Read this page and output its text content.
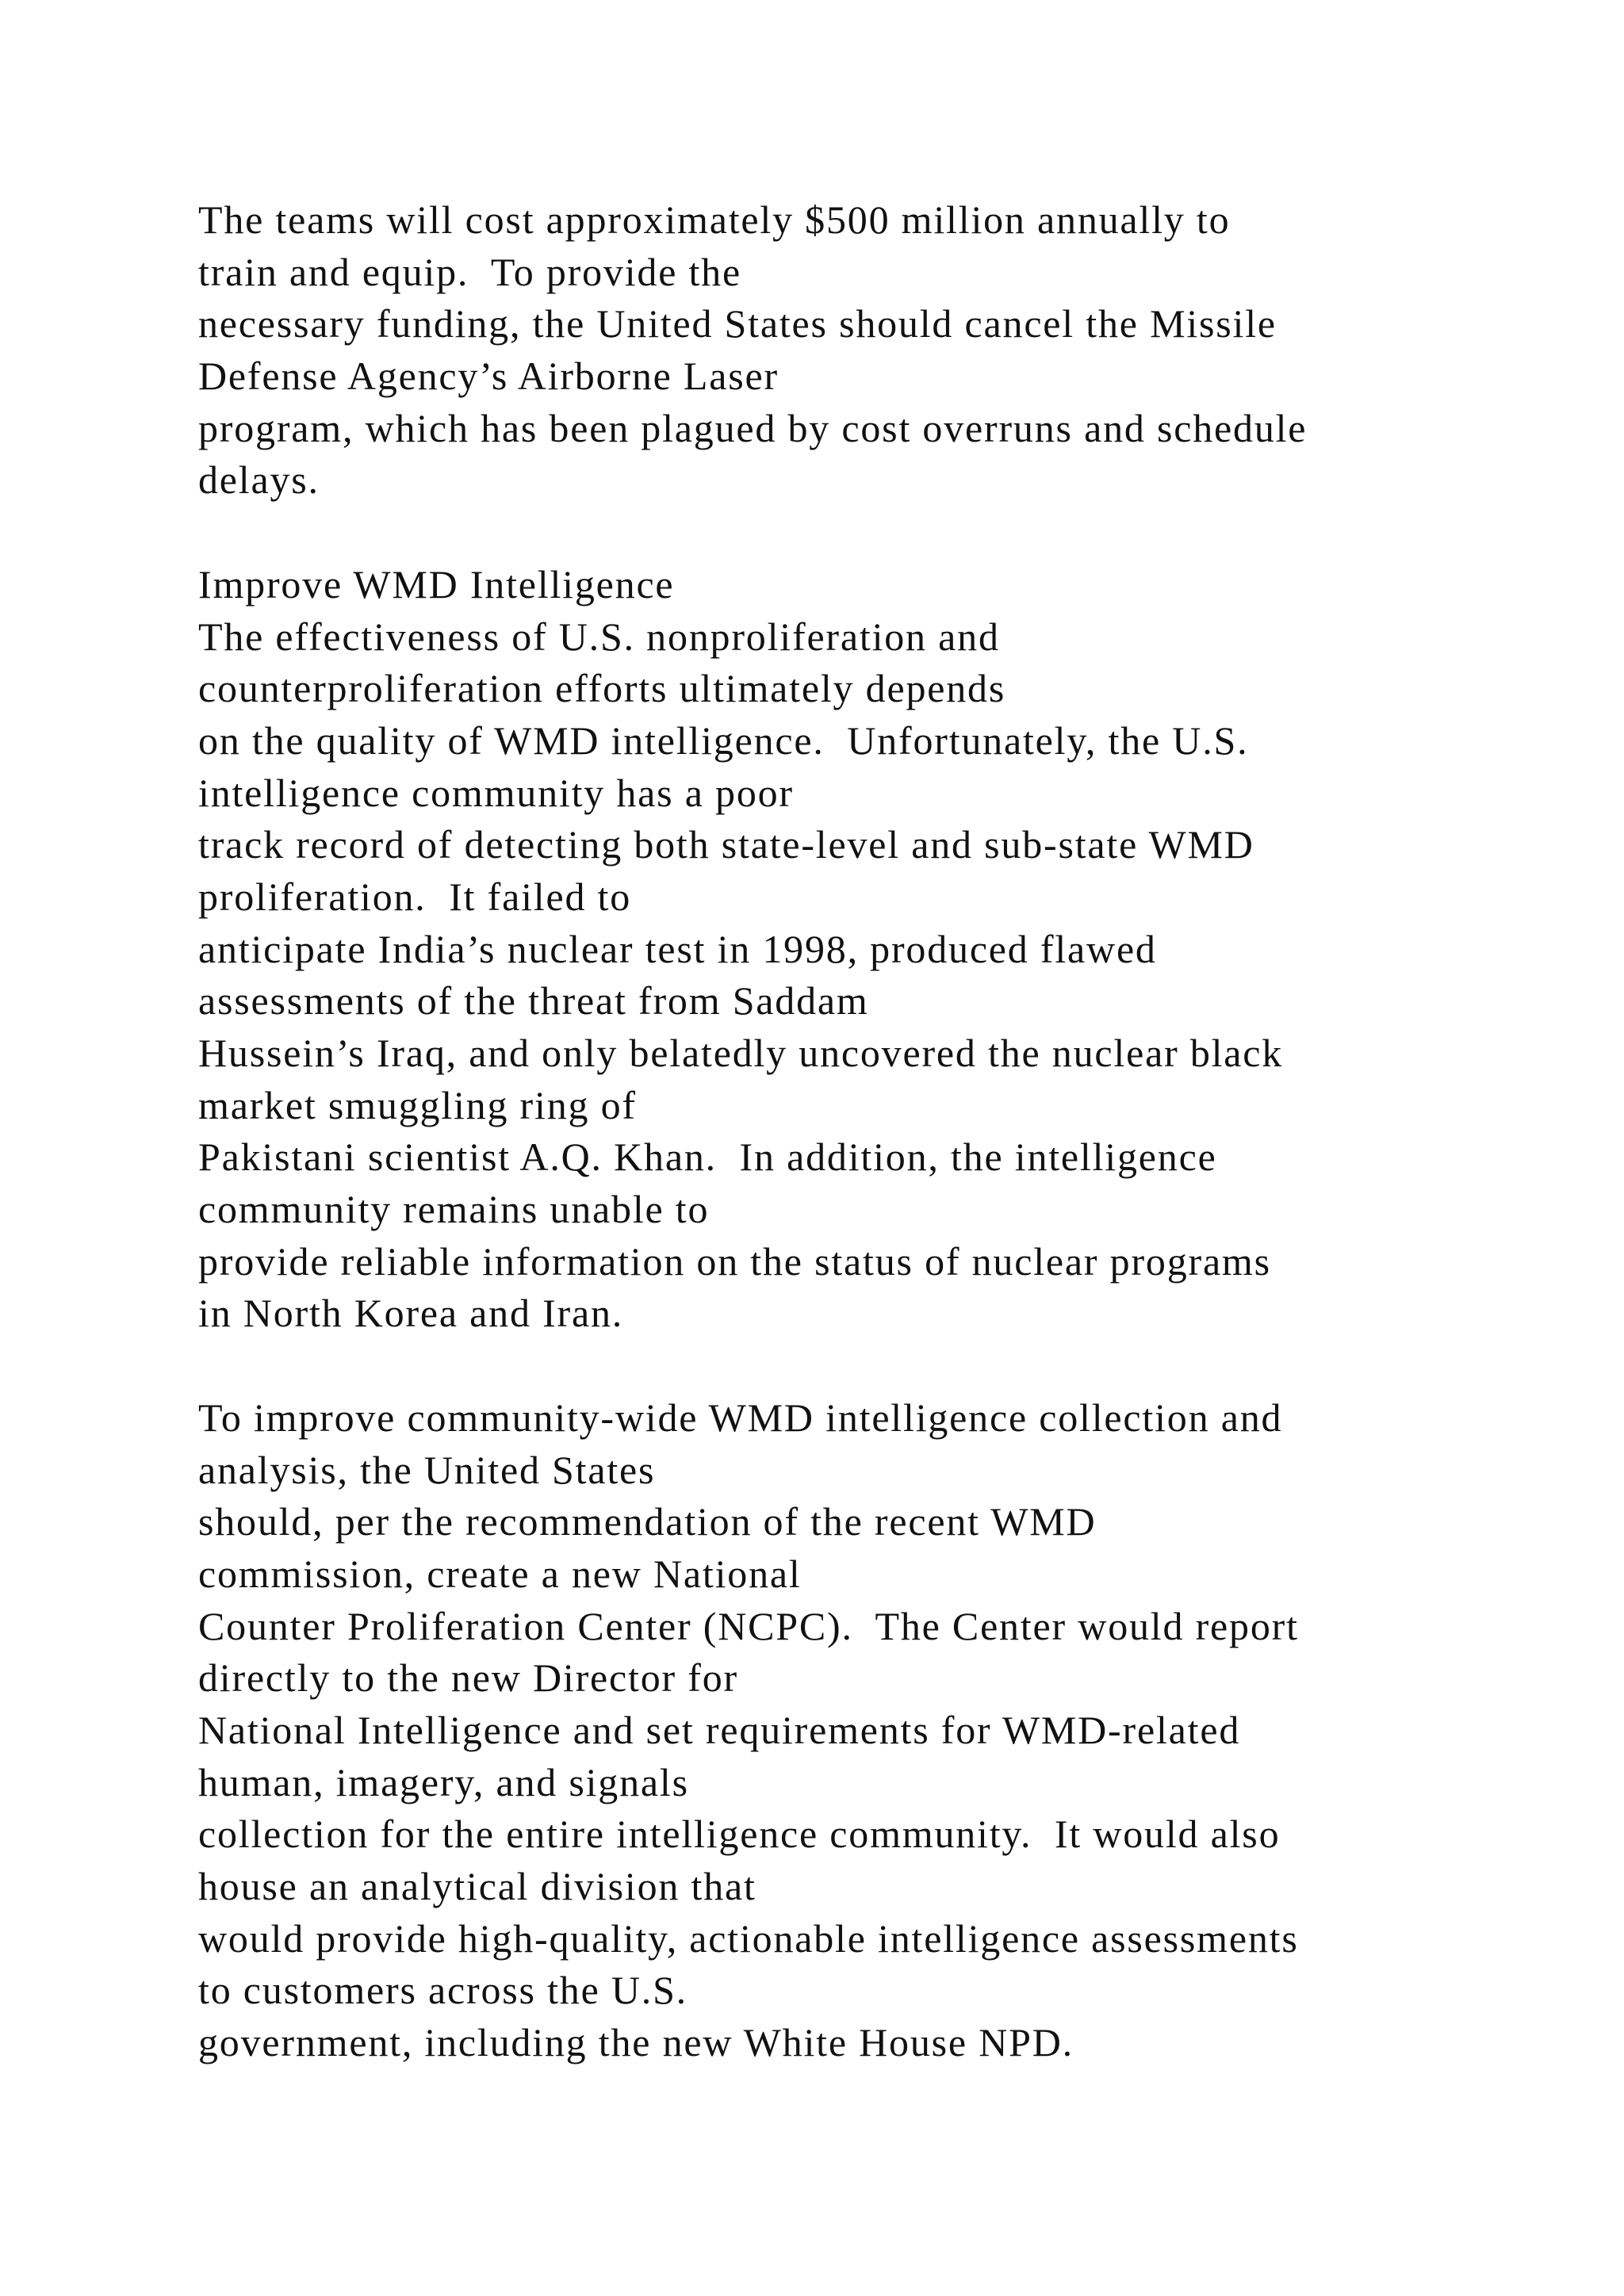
The teams will cost approximately $500 million annually to
train and equip.  To provide the
necessary funding, the United States should cancel the Missile
Defense Agency’s Airborne Laser
program, which has been plagued by cost overruns and schedule
delays.
Improve WMD Intelligence
The effectiveness of U.S. nonproliferation and
counterproliferation efforts ultimately depends
on the quality of WMD intelligence.  Unfortunately, the U.S.
intelligence community has a poor
track record of detecting both state-level and sub-state WMD
proliferation.  It failed to
anticipate India’s nuclear test in 1998, produced flawed
assessments of the threat from Saddam
Hussein’s Iraq, and only belatedly uncovered the nuclear black
market smuggling ring of
Pakistani scientist A.Q. Khan.  In addition, the intelligence
community remains unable to
provide reliable information on the status of nuclear programs
in North Korea and Iran.
To improve community-wide WMD intelligence collection and
analysis, the United States
should, per the recommendation of the recent WMD
commission, create a new National
Counter Proliferation Center (NCPC).  The Center would report
directly to the new Director for
National Intelligence and set requirements for WMD-related
human, imagery, and signals
collection for the entire intelligence community.  It would also
house an analytical division that
would provide high-quality, actionable intelligence assessments
to customers across the U.S.
government, including the new White House NPD.
